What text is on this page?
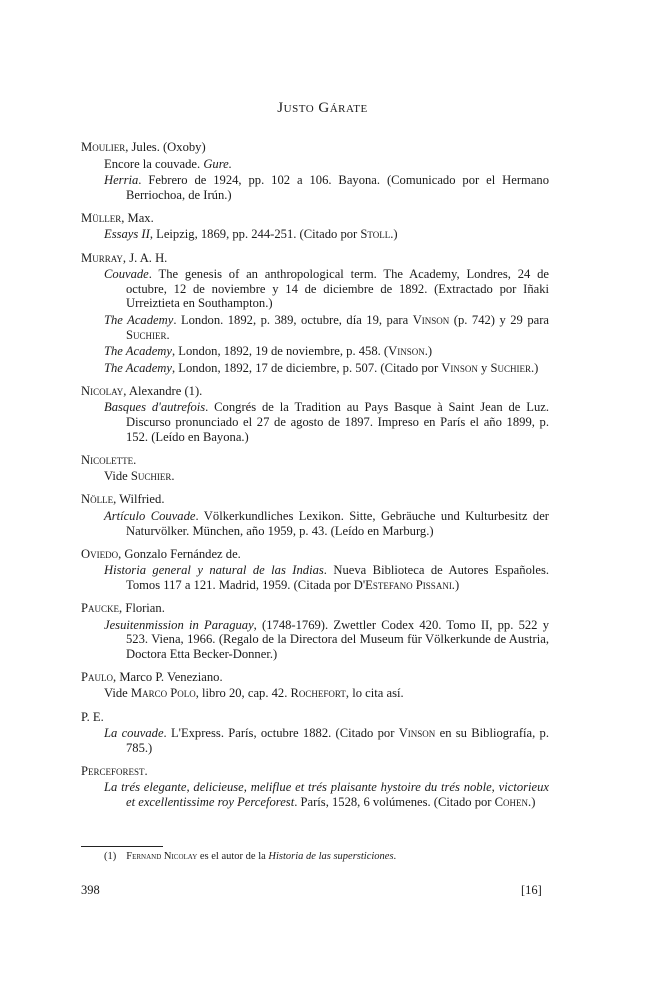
Justo Gárate

Moulier, Jules. (Oxoby)

Encore la couvade. Gure.

Herria. Febrero de 1924, pp. 102 a 106. Bayona. (Comunicado por el Hermano Berriochoa, de Irún.)

Müller, Max.

Essays II, Leipzig, 1869, pp. 244-251. (Citado por Stoll.)

Murray, J. A. H.

Couvade. The genesis of an anthropological term. The Academy, Londres, 24 de octubre, 12 de noviembre y 14 de diciembre de 1892. (Extractado por Iñaki Urreiztieta en Southampton.)

The Academy. London. 1892, p. 389, octubre, día 19, para Vinson (p. 742) y 29 para Suchier.

The Academy, London, 1892, 19 de noviembre, p. 458. (Vinson.)

The Academy, London, 1892, 17 de diciembre, p. 507. (Citado por Vinson y Suchier.)

Nicolay, Alexandre (1).

Basques d'autrefois. Congrés de la Tradition au Pays Basque à Saint Jean de Luz. Discurso pronunciado el 27 de agosto de 1897. Impreso en París el año 1899, p. 152. (Leído en Bayona.)

Nicolette.

Vide Suchier.

Nölle, Wilfried.

Artículo Couvade. Völkerkundliches Lexikon. Sitte, Gebräuche und Kulturbesitz der Naturvölker. München, año 1959, p. 43. (Leído en Marburg.)

Oviedo, Gonzalo Fernández de.

Historia general y natural de las Indias. Nueva Biblioteca de Autores Españoles. Tomos 117 a 121. Madrid, 1959. (Citada por D'Estefano Pissani.)

Paucke, Florian.

Jesuitenmission in Paraguay, (1748-1769). Zwettler Codex 420. Tomo II, pp. 522 y 523. Viena, 1966. (Regalo de la Directora del Museum für Völkerkunde de Austria, Doctora Etta Becker-Donner.)

Paulo, Marco P. Veneziano.

Vide Marco Polo, libro 20, cap. 42. Rochefort, lo cita así.

P. E.

La couvade. L'Express. París, octubre 1882. (Citado por Vinson en su Bibliografía, p. 785.)

Perceforest.

La trés elegante, delicieuse, meliflue et trés plaisante hystoire du trés noble, victorieux et excellentissime roy Perceforest. París, 1528, 6 volúmenes. (Citado por Cohen.)

(1) Fernand Nicolay es el autor de la Historia de las supersticiones.
398	[16]
